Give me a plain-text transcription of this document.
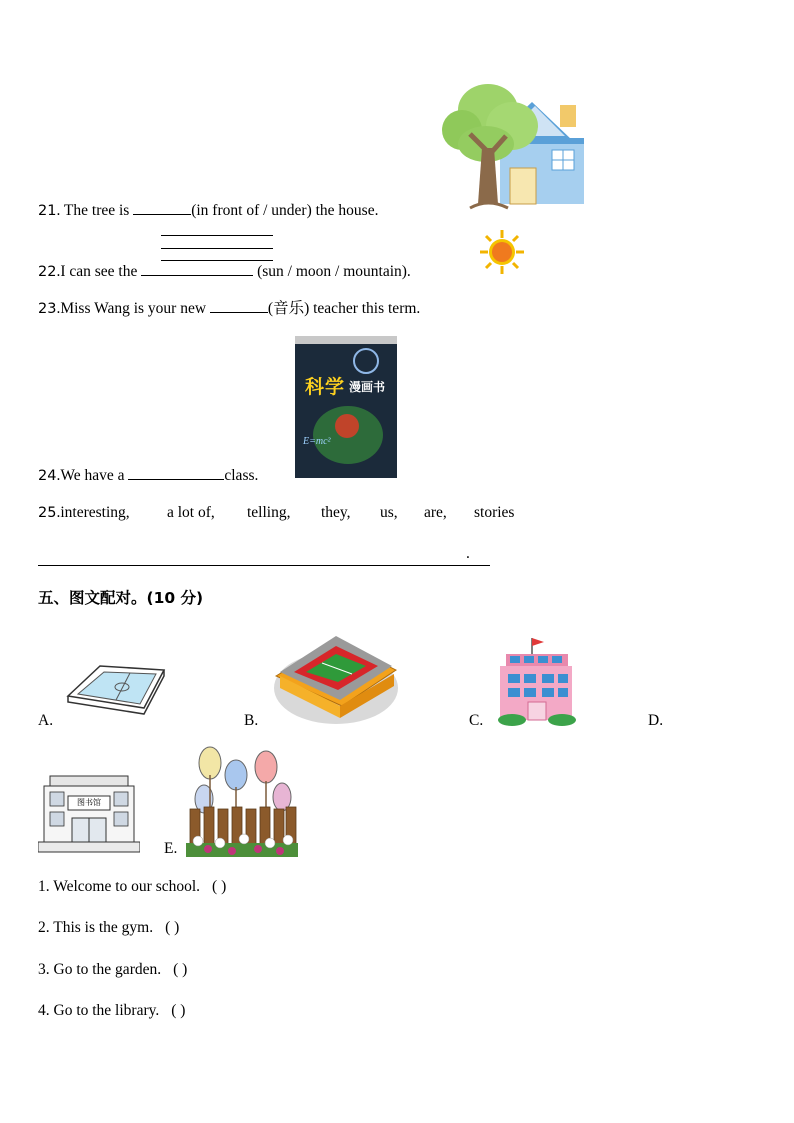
21. The tree is	(in front of / under) the house.
22.I can see the	(sun / moon / mountain).
23.Miss Wang is your new	(音乐) teacher this term.
科学 漫画书
E=mc²
24.We have a	class.
25.interesting, a lot of, telling, they, us, are, stories
.
五、图文配对。(10 分)
A.	B.	C.	D.
图书馆
E.
1. Welcome to our school. ( )
2. This is the gym. ( )
3. Go to the garden. ( )
4. Go to the library. ( )
